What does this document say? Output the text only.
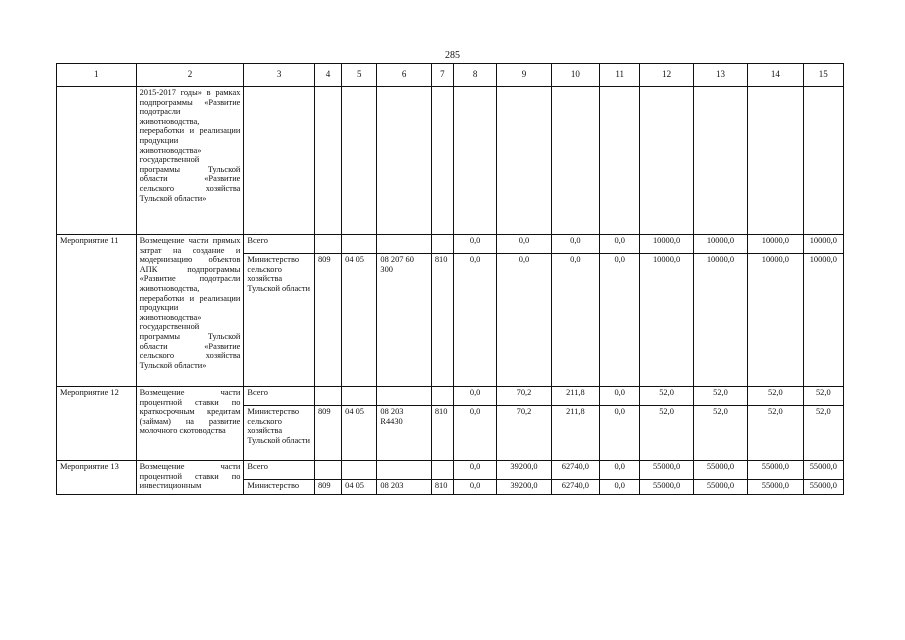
285
1	2	3	4	5	6	7	8	9	10	11	12	13	14	15
	2015-2017 годы» в рамках подпрограммы «Развитие подотрасли животноводства, переработки и реализации продукции животноводства» государственной программы Тульской области «Развитие сельского хозяйства Тульской области»													
Мероприятие 11	Возмещение части прямых затрат на создание и модернизацию объектов АПК подпрограммы «Развитие подотрасли животноводства, переработки и реализации продукции животноводства» государственной программы Тульской области «Развитие сельского хозяйства Тульской области»	Всего					0,0	0,0	0,0	0,0	10000,0	10000,0	10000,0	10000,0
		Министерство сельского хозяйства Тульской области	809	04 05	08 207 60 300	810	0,0	0,0	0,0	0,0	10000,0	10000,0	10000,0	10000,0
Мероприятие 12	Возмещение части процентной ставки по краткосрочным кредитам (займам) на развитие молочного скотоводства	Всего					0,0	70,2	211,8	0,0	52,0	52,0	52,0	52,0
		Министерство сельского хозяйства Тульской области	809	04 05	08 203 R4430	810	0,0	70,2	211,8	0,0	52,0	52,0	52,0	52,0
Мероприятие 13	Возмещение части процентной ставки по инвестиционным	Всего					0,0	39200,0	62740,0	0,0	55000,0	55000,0	55000,0	55000,0
		Министерство	809	04 05	08 203	810	0,0	39200,0	62740,0	0,0	55000,0	55000,0	55000,0	55000,0
